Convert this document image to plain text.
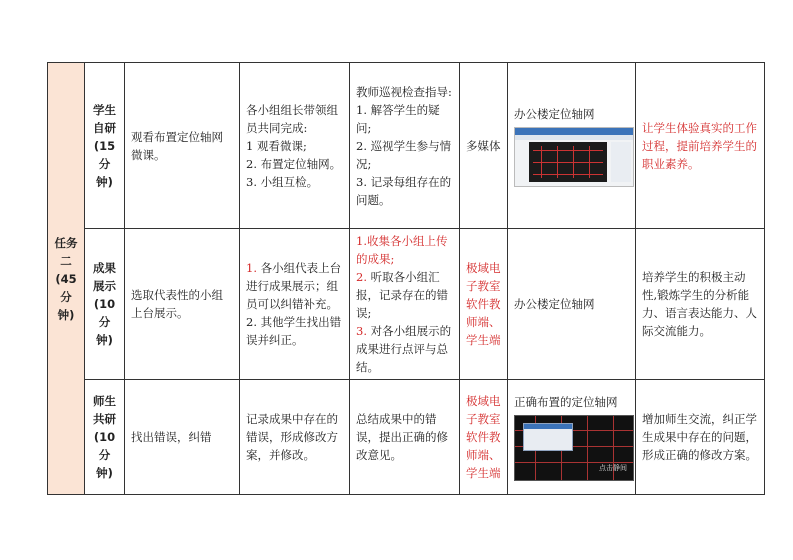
任务
二
(45
分
钟)	学生
自研
(15
分钟)	观看布置定位轴网微课。	各小组组长带领组员共同完成:
1 观看微课;
2. 布置定位轴网。
3. 小组互检。	教师巡视检查指导:
1. 解答学生的疑问;
2. 巡视学生参与情况;
3. 记录每组存在的问题。	多媒体	办公楼定位轴网	让学生体验真实的工作过程，提前培养学生的职业素养。

	成果
展示
(10
分钟)	选取代表性的小组上台展示。	1. 各小组代表上台进行成果展示；组员可以纠错补充。
2. 其他学生找出错误并纠正。	1.收集各小组上传的成果;
2. 听取各小组汇报，记录存在的错误;
3. 对各小组展示的成果进行点评与总结。	极域电子教室软件教师端、学生端	办公楼定位轴网	培养学生的积极主动性,锻炼学生的分析能力、语言表达能力、人际交流能力。

	师生
共研
(10
分钟)	找出错误，纠错	记录成果中存在的错误，形成修改方案，并修改。	总结成果中的错误，提出正确的修改意见。	极域电子教室软件教师端、学生端	正确布置的定位轴网
点击静间	增加师生交流，纠正学生成果中存在的问题，形成正确的修改方案。
